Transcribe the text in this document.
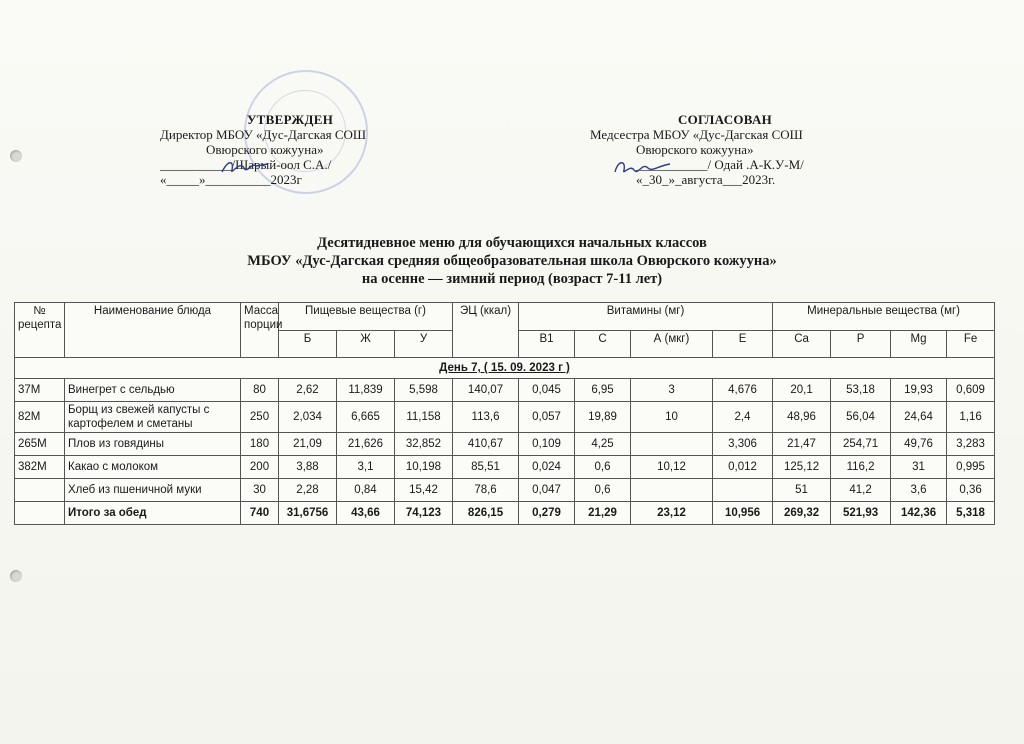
УТВЕРЖДЕН
Директор МБОУ «Дус-Дагская СОШ
Овюрского кожууна»
___________/Шарый-оол С.А./
«_____»__________2023г
СОГЛАСОВАН
Медсестра МБОУ «Дус-Дагская СОШ
Овюрского кожууна»
___________/ Одай .А-К.У-М/
«_30_»_августа___2023г.
Десятидневное меню для обучающихся начальных классов
МБОУ «Дус-Дагская средняя общеобразовательная школа Овюрского кожууна»
на осенне — зимний период (возраст 7-11 лет)
№ рецепта	Наименование блюда	Масса порции	Пищевые вещества (г)			ЭЦ (ккал)	Витамины (мг)				Минеральные вещества (мг)			
			Б	Ж	У		В1	С	А (мкг)	Е	Ca	P	Mg	Fe
День 7, ( 15. 09. 2023 г )														
37М	Винегрет с сельдью	80	2,62	11,839	5,598	140,07	0,045	6,95	3	4,676	20,1	53,18	19,93	0,609
82М	Борщ из свежей капусты с картофелем и сметаны	250	2,034	6,665	11,158	113,6	0,057	19,89	10	2,4	48,96	56,04	24,64	1,16
265М	Плов из говядины	180	21,09	21,626	32,852	410,67	0,109	4,25		3,306	21,47	254,71	49,76	3,283
382М	Какао с молоком	200	3,88	3,1	10,198	85,51	0,024	0,6	10,12	0,012	125,12	116,2	31	0,995
	Хлеб из пшеничной муки	30	2,28	0,84	15,42	78,6	0,047	0,6			51	41,2	3,6	0,36
	Итого за обед	740	31,6756	43,66	74,123	826,15	0,279	21,29	23,12	10,956	269,32	521,93	142,36	5,318
